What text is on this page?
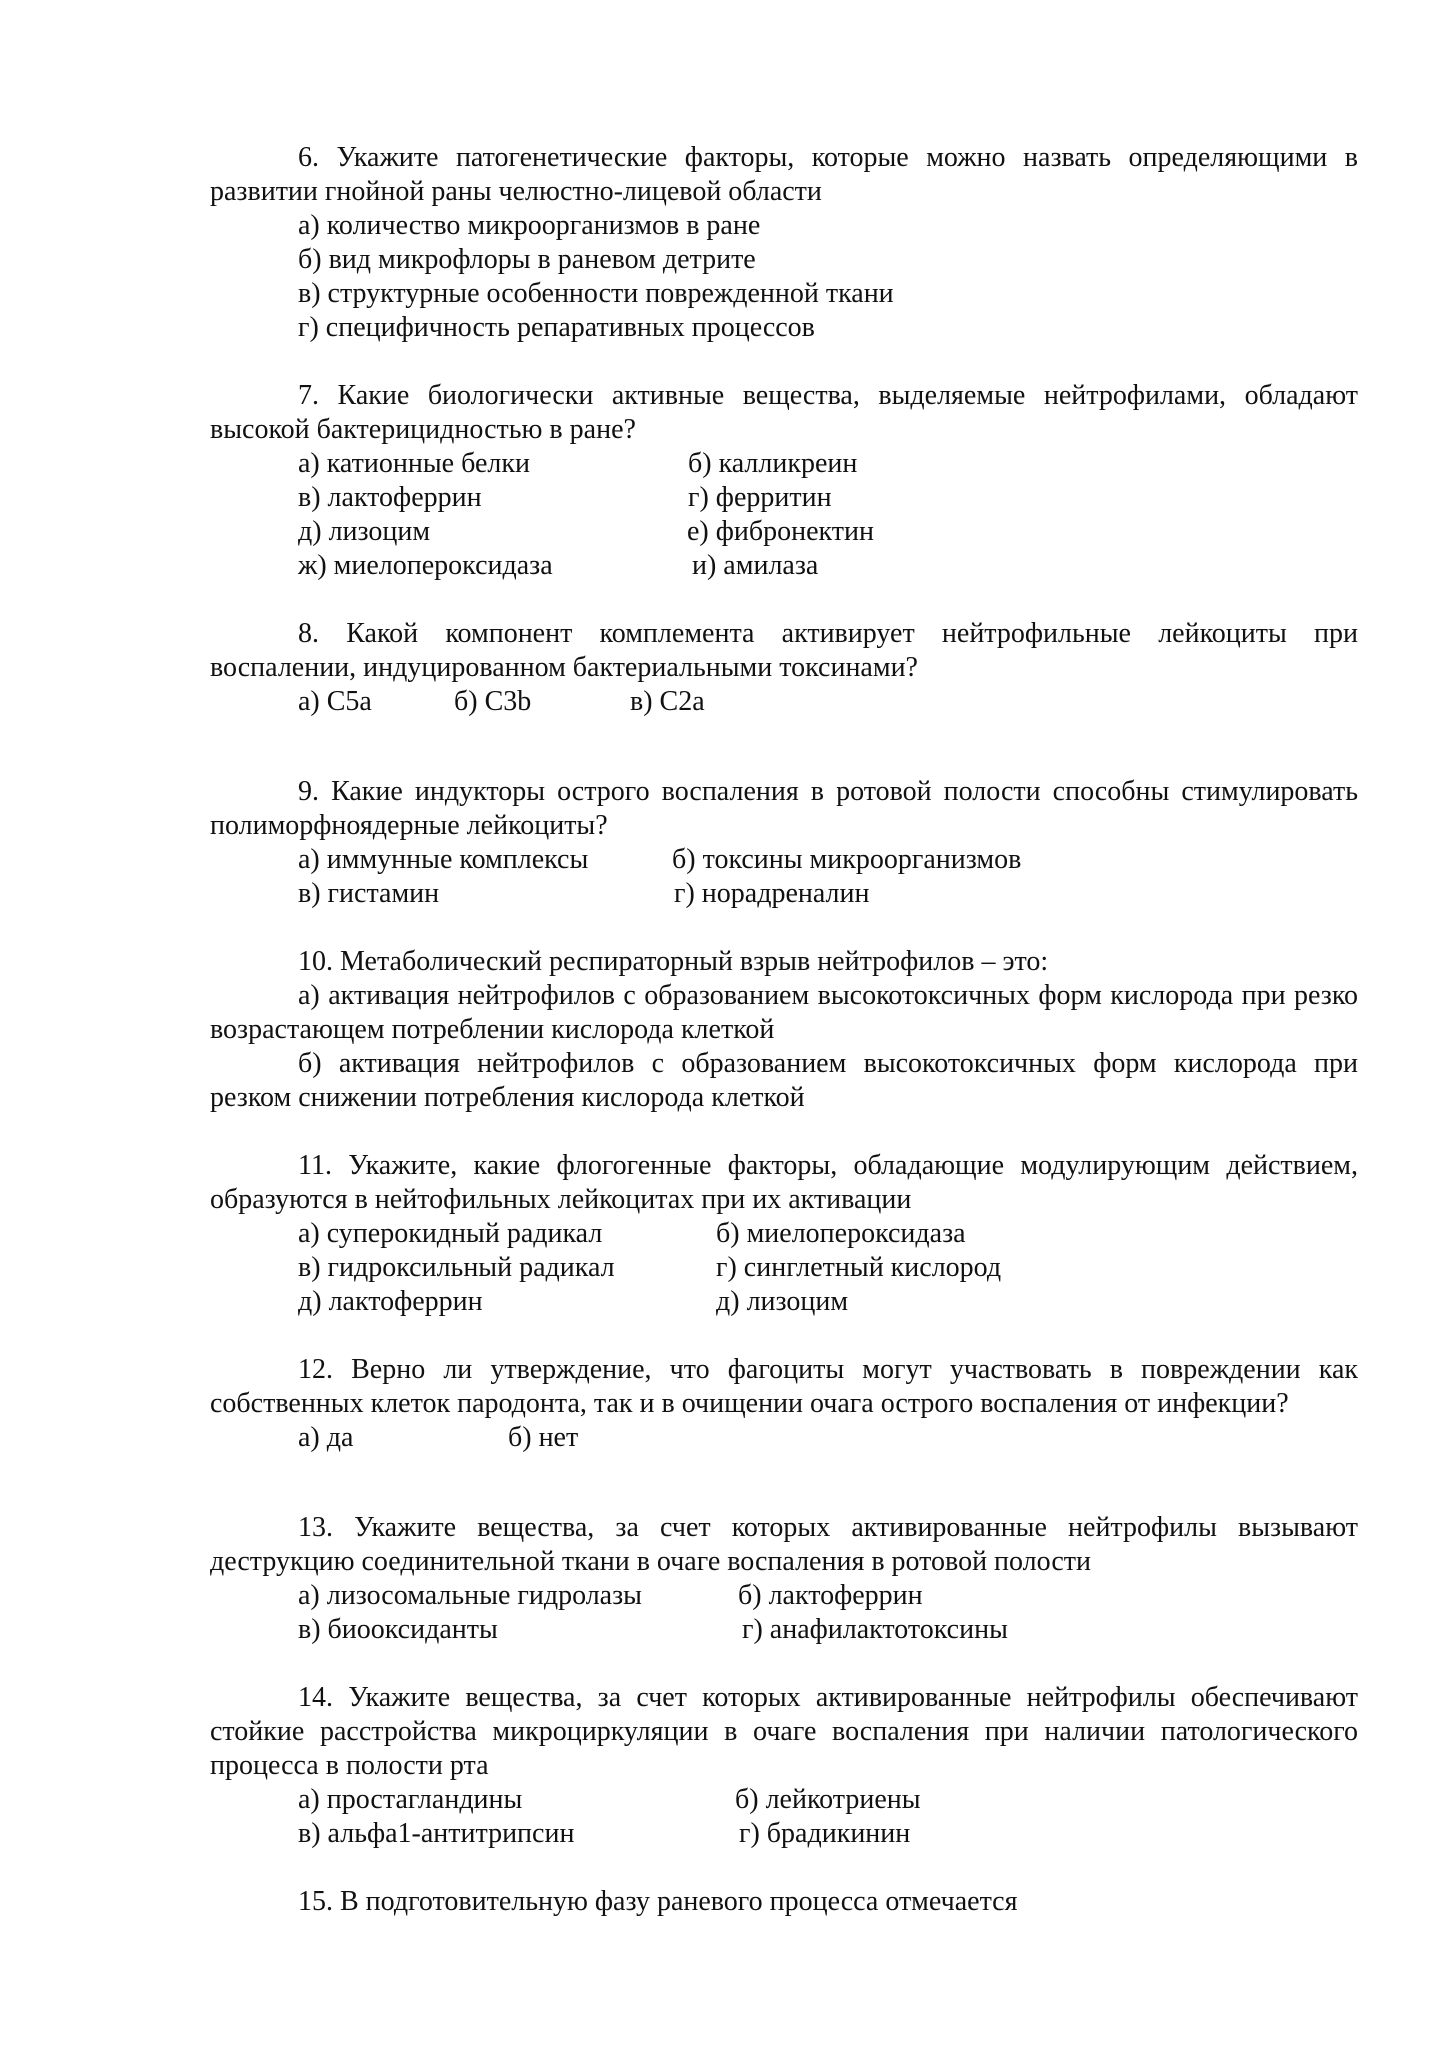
6. Укажите патогенетические факторы, которые можно назвать определяющими в развитии гнойной раны челюстно-лицевой области

а) количество микроорганизмов в ране
б) вид микрофлоры в раневом детрите
в) структурные особенности поврежденной ткани
г) специфичность репаративных процессов

7. Какие биологически активные вещества, выделяемые нейтрофилами, обладают высокой бактерицидностью в ране?

а) катионные белки	б) калликреин
в) лактоферрин	г) ферритин
д) лизоцим	е) фибронектин
ж) миелопероксидаза	и) амилаза

8. Какой компонент комплемента активирует нейтрофильные лейкоциты при воспалении, индуцированном бактериальными токсинами?

а) С5а	б) С3b	в) С2а

9. Какие индукторы острого воспаления в ротовой полости способны стимулировать полиморфноядерные лейкоциты?

а) иммунные комплексы	б) токсины микроорганизмов
в) гистамин	г) норадреналин

10. Метаболический респираторный взрыв нейтрофилов – это:

а) активация нейтрофилов с образованием высокотоксичных форм кислорода при резко возрастающем потреблении кислорода клеткой

б) активация нейтрофилов с образованием высокотоксичных форм кислорода при резком снижении потребления кислорода клеткой

11. Укажите, какие флогогенные факторы, обладающие модулирующим действием, образуются в нейтофильных лейкоцитах при их активации

а) суперокидный радикал	б) миелопероксидаза
в) гидроксильный радикал	г) синглетный кислород
д) лактоферрин	д) лизоцим

12. Верно ли утверждение, что фагоциты могут участвовать в повреждении как собственных клеток пародонта, так и в очищении очага острого воспаления от инфекции?

а) да	б) нет

13. Укажите вещества, за счет которых активированные нейтрофилы вызывают деструкцию соединительной ткани в очаге воспаления в ротовой полости

а) лизосомальные гидролазы	б) лактоферрин
в) биооксиданты	г) анафилактотоксины

14. Укажите вещества, за счет которых активированные нейтрофилы обеспечивают стойкие расстройства микроциркуляции в очаге воспаления при наличии патологического процесса в полости рта

а) простагландины	б) лейкотриены
в) альфа1-антитрипсин	г) брадикинин

15. В подготовительную фазу раневого процесса отмечается
